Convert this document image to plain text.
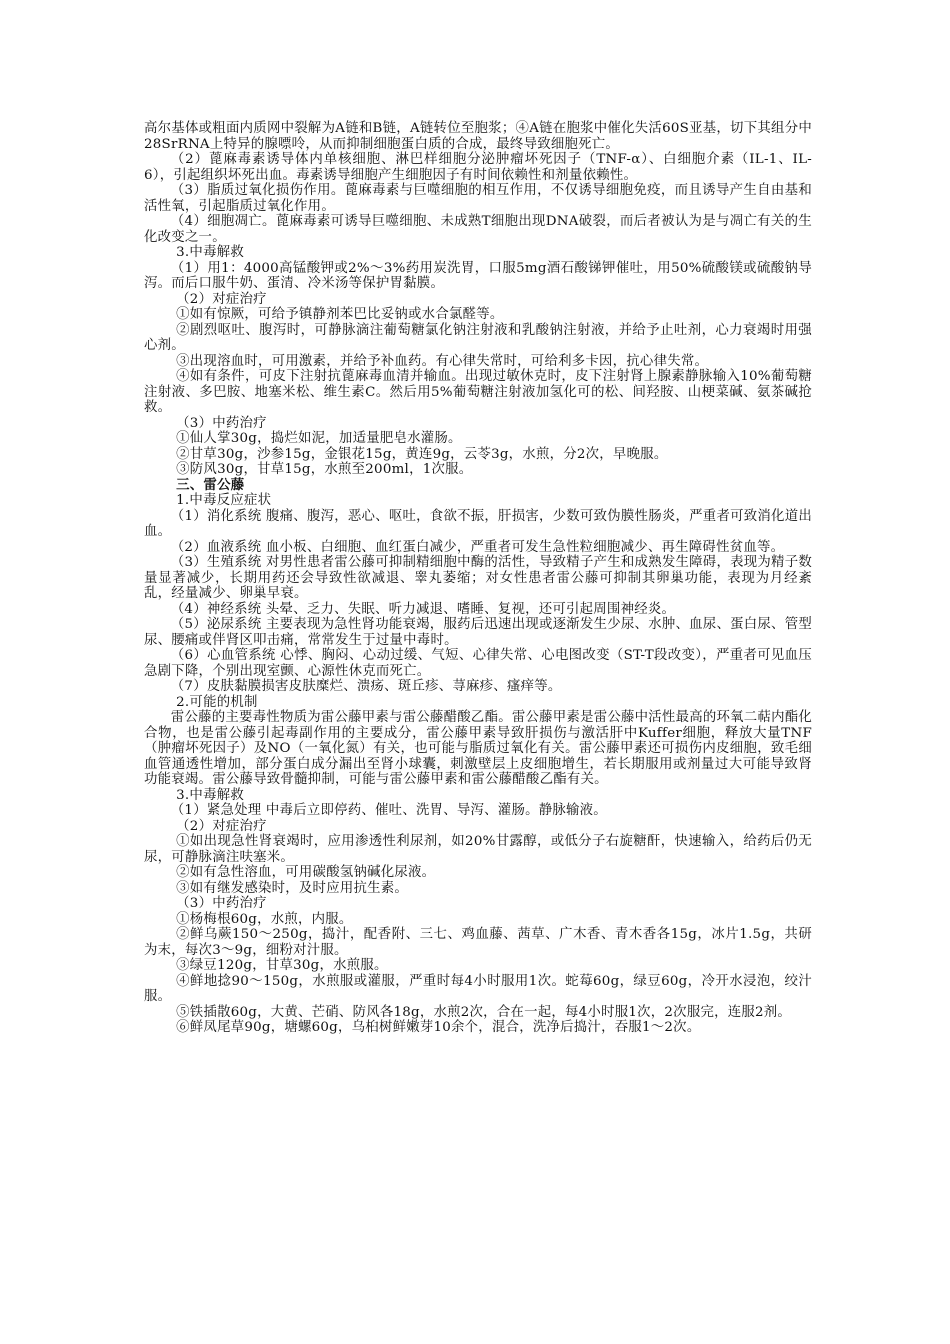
高尔基体或粗面内质网中裂解为A链和B链，A链转位至胞浆；④A链在胞浆中催化失活60S亚基，切下其组分中28SrRNA上特异的腺嘌呤，从而抑制细胞蛋白质的合成，最终导致细胞死亡。

（2）蓖麻毒素诱导体内单核细胞、淋巴样细胞分泌肿瘤坏死因子（TNF-α）、白细胞介素（IL-1、IL-6），引起组织坏死出血。毒素诱导细胞产生细胞因子有时间依赖性和剂量依赖性。

（3）脂质过氧化损伤作用。蓖麻毒素与巨噬细胞的相互作用，不仅诱导细胞免疫，而且诱导产生自由基和活性氧，引起脂质过氧化作用。

（4）细胞凋亡。蓖麻毒素可诱导巨噬细胞、未成熟T细胞出现DNA破裂，而后者被认为是与凋亡有关的生化改变之一。

3.中毒解救

（1）用1：4000高锰酸钾或2%～3%药用炭洗胃，口服5mg酒石酸锑钾催吐，用50%硫酸镁或硫酸钠导泻。而后口服牛奶、蛋清、冷米汤等保护胃黏膜。

（2）对症治疗

①如有惊厥，可给予镇静剂苯巴比妥钠或水合氯醛等。

②剧烈呕吐、腹泻时，可静脉滴注葡萄糖氯化钠注射液和乳酸钠注射液，并给予止吐剂，心力衰竭时用强心剂。

③出现溶血时，可用激素，并给予补血药。有心律失常时，可给利多卡因，抗心律失常。

④如有条件，可皮下注射抗蓖麻毒血清并输血。出现过敏休克时，皮下注射肾上腺素静脉输入10%葡萄糖注射液、多巴胺、地塞米松、维生素C。然后用5%葡萄糖注射液加氢化可的松、间羟胺、山梗菜碱、氨茶碱抢救。

（3）中药治疗

①仙人掌30g，捣烂如泥，加适量肥皂水灌肠。

②甘草30g，沙参15g，金银花15g，黄连9g，云苓3g，水煎，分2次，早晚服。

③防风30g，甘草15g，水煎至200ml，1次服。

三、雷公藤

1.中毒反应症状

（1）消化系统 腹痛、腹泻，恶心、呕吐，食欲不振，肝损害，少数可致伪膜性肠炎，严重者可致消化道出血。

（2）血液系统 血小板、白细胞、血红蛋白减少，严重者可发生急性粒细胞减少、再生障碍性贫血等。

（3）生殖系统 对男性患者雷公藤可抑制精细胞中酶的活性，导致精子产生和成熟发生障碍，表现为精子数量显著减少，长期用药还会导致性欲减退、睾丸萎缩；对女性患者雷公藤可抑制其卵巢功能，表现为月经紊乱，经量减少、卵巢早衰。

（4）神经系统 头晕、乏力、失眠、听力减退、嗜睡、复视，还可引起周围神经炎。

（5）泌尿系统 主要表现为急性肾功能衰竭，服药后迅速出现或逐渐发生少尿、水肿、血尿、蛋白尿、管型尿、腰痛或伴肾区叩击痛，常常发生于过量中毒时。

（6）心血管系统 心悸、胸闷、心动过缓、气短、心律失常、心电图改变（ST-T段改变），严重者可见血压急剧下降，个别出现室颤、心源性休克而死亡。

（7）皮肤黏膜损害皮肤糜烂、溃疡、斑丘疹、荨麻疹、瘙痒等。

2.可能的机制

雷公藤的主要毒性物质为雷公藤甲素与雷公藤醋酸乙酯。雷公藤甲素是雷公藤中活性最高的环氧二萜内酯化合物，也是雷公藤引起毒副作用的主要成分，雷公藤甲素导致肝损伤与激活肝中Kuffer细胞，释放大量TNF（肿瘤坏死因子）及NO（一氧化氮）有关，也可能与脂质过氧化有关。雷公藤甲素还可损伤内皮细胞，致毛细血管通透性增加，部分蛋白成分漏出至肾小球囊，刺激壁层上皮细胞增生，若长期服用或剂量过大可能导致肾功能衰竭。雷公藤导致骨髓抑制，可能与雷公藤甲素和雷公藤醋酸乙酯有关。

3.中毒解救

（1）紧急处理 中毒后立即停药、催吐、洗胃、导泻、灌肠。静脉输液。

（2）对症治疗

①如出现急性肾衰竭时，应用渗透性利尿剂，如20%甘露醇，或低分子右旋糖酐，快速输入，给药后仍无尿，可静脉滴注呋塞米。

②如有急性溶血，可用碳酸氢钠碱化尿液。

③如有继发感染时，及时应用抗生素。

（3）中药治疗

①杨梅根60g，水煎，内服。

②鲜乌蕨150～250g，捣汁，配香附、三七、鸡血藤、茜草、广木香、青木香各15g，冰片1.5g，共研为末，每次3～9g，细粉对汁服。

③绿豆120g，甘草30g，水煎服。

④鲜地捻90～150g，水煎服或灌服，严重时每4小时服用1次。蛇莓60g，绿豆60g，冷开水浸泡，绞汁服。

⑤铁插散60g，大黄、芒硝、防风各18g，水煎2次，合在一起，每4小时服1次，2次服完，连服2剂。

⑥鲜凤尾草90g，塘螺60g，乌桕树鲜嫩芽10余个，混合，洗净后捣汁，吞服1～2次。
